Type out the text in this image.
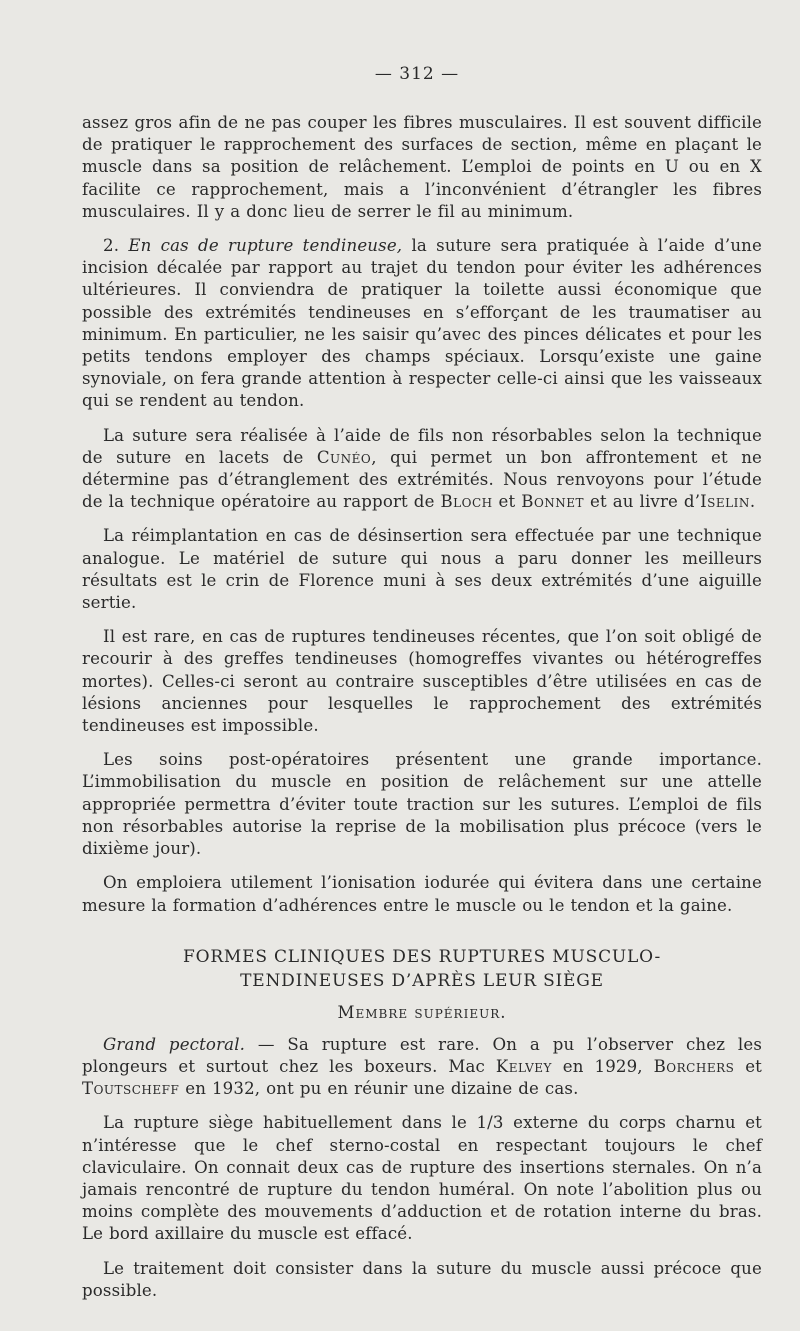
— 312 —

assez gros afin de ne pas couper les fibres musculaires. Il est souvent difficile de pratiquer le rapprochement des surfaces de section, même en plaçant le muscle dans sa position de relâchement. L’emploi de points en U ou en X facilite ce rapprochement, mais a l’inconvénient d’étrangler les fibres musculaires. Il y a donc lieu de serrer le fil au minimum.

2. En cas de rupture tendineuse, la suture sera pratiquée à l’aide d’une incision décalée par rapport au trajet du tendon pour éviter les adhérences ultérieures. Il conviendra de pratiquer la toilette aussi économique que possible des extrémités tendineuses en s’efforçant de les traumatiser au minimum. En particulier, ne les saisir qu’avec des pinces délicates et pour les petits tendons employer des champs spéciaux. Lorsqu’existe une gaine synoviale, on fera grande attention à respecter celle-ci ainsi que les vaisseaux qui se rendent au tendon.

La suture sera réalisée à l’aide de fils non résorbables selon la technique de suture en lacets de Cunéo, qui permet un bon affrontement et ne détermine pas d’étranglement des extrémités. Nous renvoyons pour l’étude de la technique opératoire au rapport de Bloch et Bonnet et au livre d’Iselin.

La réimplantation en cas de désinsertion sera effectuée par une technique analogue. Le matériel de suture qui nous a paru donner les meilleurs résultats est le crin de Florence muni à ses deux extrémités d’une aiguille sertie.

Il est rare, en cas de ruptures tendineuses récentes, que l’on soit obligé de recourir à des greffes tendineuses (homogreffes vivantes ou hétérogreffes mortes). Celles-ci seront au contraire susceptibles d’être utilisées en cas de lésions anciennes pour lesquelles le rapprochement des extrémités tendineuses est impossible.

Les soins post-opératoires présentent une grande importance. L’immobilisation du muscle en position de relâchement sur une attelle appropriée permettra d’éviter toute traction sur les sutures. L’emploi de fils non résorbables autorise la reprise de la mobilisation plus précoce (vers le dixième jour).

On emploiera utilement l’ionisation iodurée qui évitera dans une certaine mesure la formation d’adhérences entre le muscle ou le tendon et la gaine.

FORMES CLINIQUES DES RUPTURES MUSCULO-
TENDINEUSES D’APRÈS LEUR SIÈGE
Membre supérieur.

Grand pectoral. — Sa rupture est rare. On a pu l’observer chez les plongeurs et surtout chez les boxeurs. Mac Kelvey en 1929, Borchers et Toutscheff en 1932, ont pu en réunir une dizaine de cas.

La rupture siège habituellement dans le 1/3 externe du corps charnu et n’intéresse que le chef sterno-costal en respectant toujours le chef claviculaire. On connait deux cas de rupture des insertions sternales. On n’a jamais rencontré de rupture du tendon huméral. On note l’abolition plus ou moins complète des mouvements d’adduction et de rotation interne du bras. Le bord axillaire du muscle est effacé.

Le traitement doit consister dans la suture du muscle aussi précoce que possible.
